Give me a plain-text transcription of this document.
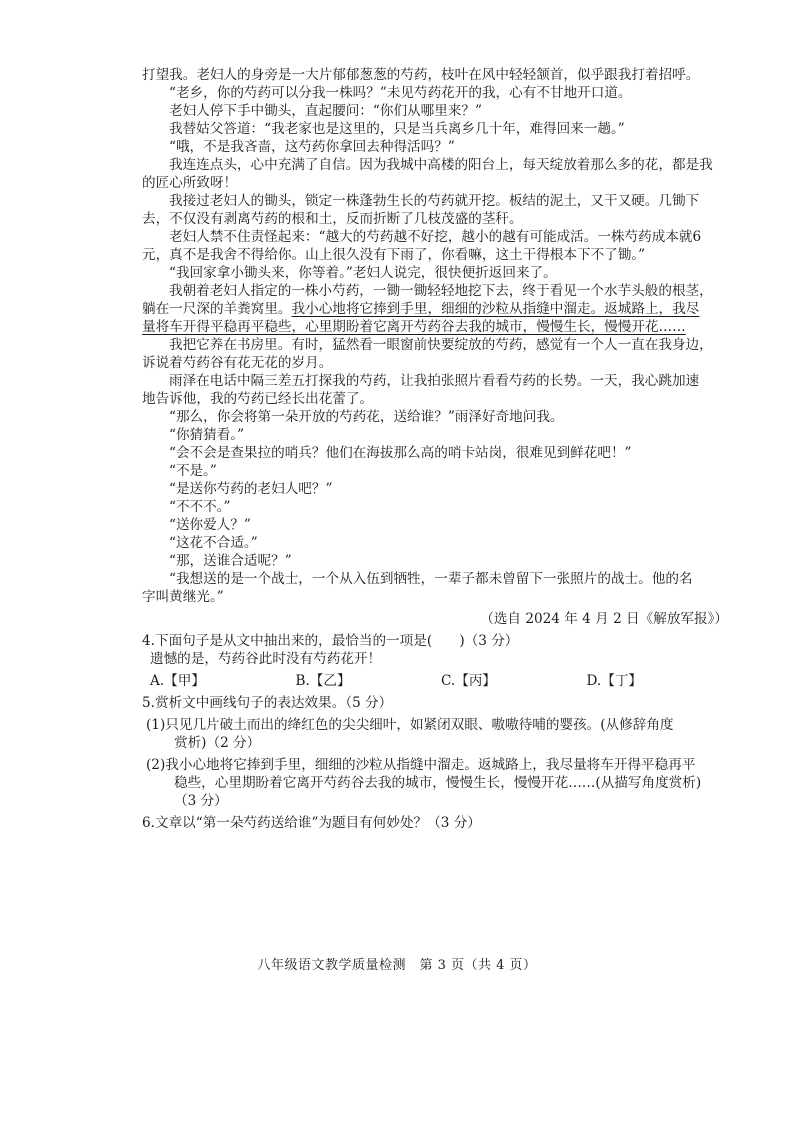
打望我。老妇人的身旁是一大片郁郁葱葱的芍药，枝叶在风中轻轻颔首，似乎跟我打着招呼。
“老乡，你的芍药可以分我一株吗？”未见芍药花开的我，心有不甘地开口道。
老妇人停下手中锄头，直起腰问：“你们从哪里来？”
我替姑父答道：“我老家也是这里的，只是当兵离乡几十年，难得回来一趟。”
“哦，不是我吝啬，这芍药你拿回去种得活吗？”
我连连点头，心中充满了自信。因为我城中高楼的阳台上，每天绽放着那么多的花，都是我
的匠心所致呀！
我接过老妇人的锄头，锁定一株蓬勃生长的芍药就开挖。板结的泥土，又干又硬。几锄下
去，不仅没有剥离芍药的根和土，反而折断了几枝茂盛的茎秆。
老妇人禁不住责怪起来：“越大的芍药越不好挖，越小的越有可能成活。一株芍药成本就6
元，真不是我舍不得给你。山上很久没有下雨了，你看嘛，这土干得根本下不了锄。”
“我回家拿小锄头来，你等着。”老妇人说完，很快便折返回来了。
我朝着老妇人指定的一株小芍药，一锄一锄轻轻地挖下去，终于看见一个水芋头般的根茎，
躺在一尺深的羊粪窝里。我小心地将它捧到手里，细细的沙粒从指缝中溜走。返城路上，我尽
量将车开得平稳再平稳些，心里期盼着它离开芍药谷去我的城市，慢慢生长，慢慢开花……
我把它养在书房里。有时，猛然看一眼窗前快要绽放的芍药，感觉有一个人一直在我身边，
诉说着芍药谷有花无花的岁月。
雨泽在电话中隔三差五打探我的芍药，让我拍张照片看看芍药的长势。一天，我心跳加速
地告诉他，我的芍药已经长出花蕾了。
“那么，你会将第一朵开放的芍药花，送给谁？”雨泽好奇地问我。
“你猜猜看。”
“会不会是查果拉的哨兵？他们在海拔那么高的哨卡站岗，很难见到鲜花吧！”
“不是。”
“是送你芍药的老妇人吧？”
“不不不。”
“送你爱人？”
“这花不合适。”
“那，送谁合适呢？”
“我想送的是一个战士，一个从入伍到牺牲，一辈子都未曾留下一张照片的战士。他的名
字叫黄继光。”
（选自 2024 年 4 月 2 日《解放军报》）
4.下面句子是从文中抽出来的，最恰当的一项是(　　)（3 分）
遗憾的是，芍药谷此时没有芍药花开！
A.【甲】	B.【乙】	C.【丙】	D.【丁】
5.赏析文中画线句子的表达效果。（5 分）
(1)只见几片破土而出的绛红色的尖尖细叶，如紧闭双眼、嗷嗷待哺的婴孩。(从修辞角度
赏析)（2 分）
(2)我小心地将它捧到手里，细细的沙粒从指缝中溜走。返城路上，我尽量将车开得平稳再平
稳些，心里期盼着它离开芍药谷去我的城市，慢慢生长，慢慢开花……(从描写角度赏析)
（3 分）
6.文章以“第一朵芍药送给谁”为题目有何妙处？（3 分）
八年级语文教学质量检测　第 3 页（共 4 页）
